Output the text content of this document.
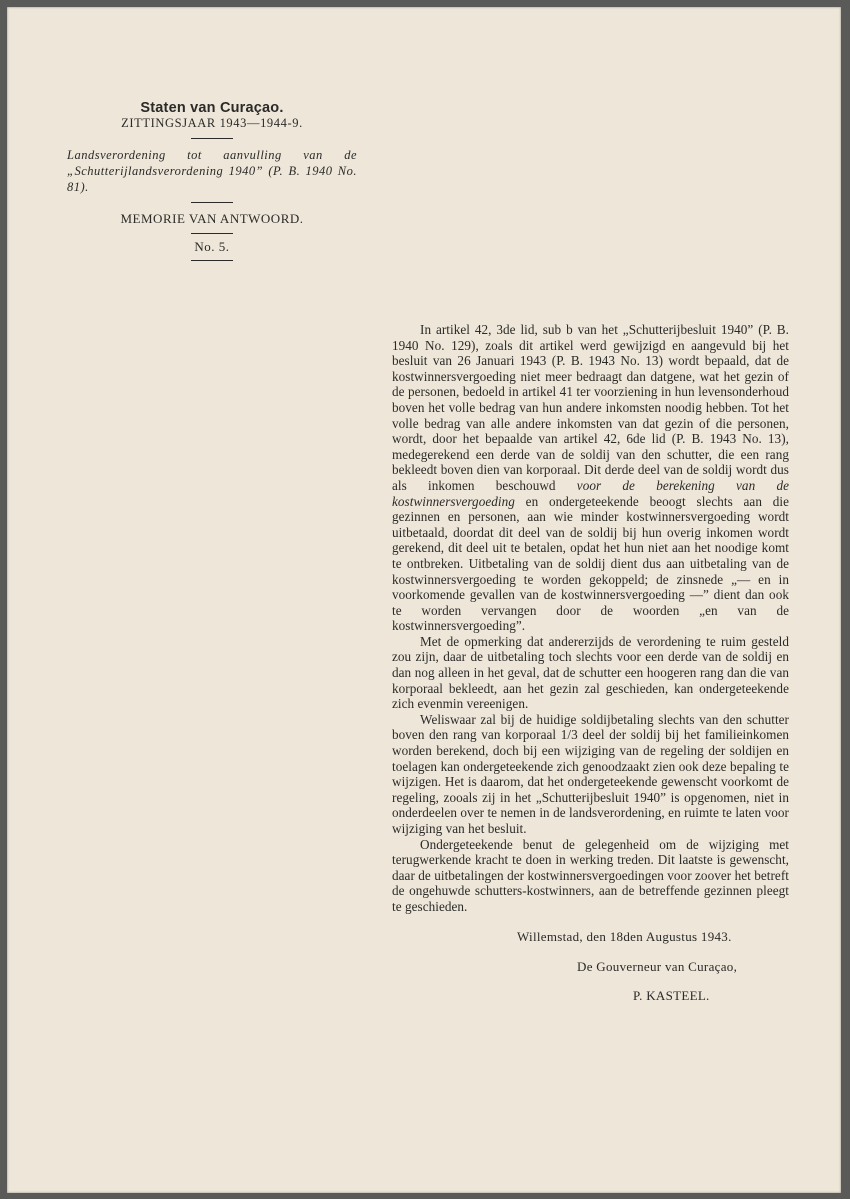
Staten van Curaçao.
ZITTINGSJAAR 1943—1944-9.
Landsverordening tot aanvulling van de „Schutterijlandsverordening 1940” (P. B. 1940 No. 81).
MEMORIE VAN ANTWOORD.
No. 5.

In artikel 42, 3de lid, sub b van het „Schutterijbesluit 1940” (P. B. 1940 No. 129), zoals dit artikel werd gewijzigd en aangevuld bij het besluit van 26 Januari 1943 (P. B. 1943 No. 13) wordt bepaald, dat de kostwinnersvergoeding niet meer bedraagt dan datgene, wat het gezin of de personen, bedoeld in artikel 41 ter voorziening in hun levensonderhoud boven het volle bedrag van hun andere inkomsten noodig hebben. Tot het volle bedrag van alle andere inkomsten van dat gezin of die personen, wordt, door het bepaalde van artikel 42, 6de lid (P. B. 1943 No. 13), medegerekend een derde van de soldij van den schutter, die een rang bekleedt boven dien van korporaal. Dit derde deel van de soldij wordt dus als inkomen beschouwd voor de berekening van de kostwinnersvergoeding en ondergeteekende beoogt slechts aan die gezinnen en personen, aan wie minder kostwinnersvergoeding wordt uitbetaald, doordat dit deel van de soldij bij hun overig inkomen wordt gerekend, dit deel uit te betalen, opdat het hun niet aan het noodige komt te ontbreken. Uitbetaling van de soldij dient dus aan uitbetaling van de kostwinnersvergoeding te worden gekoppeld; de zinsnede „— en in voorkomende gevallen van de kostwinnersvergoeding —” dient dan ook te worden vervangen door de woorden „en van de kostwinnersvergoeding”.

Met de opmerking dat andererzijds de verordening te ruim gesteld zou zijn, daar de uitbetaling toch slechts voor een derde van de soldij en dan nog alleen in het geval, dat de schutter een hoogeren rang dan die van korporaal bekleedt, aan het gezin zal geschieden, kan ondergeteekende zich evenmin vereenigen.

Weliswaar zal bij de huidige soldijbetaling slechts van den schutter boven den rang van korporaal 1/3 deel der soldij bij het familieinkomen worden berekend, doch bij een wijziging van de regeling der soldijen en toelagen kan ondergeteekende zich genoodzaakt zien ook deze bepaling te wijzigen. Het is daarom, dat het ondergeteekende gewenscht voorkomt de regeling, zooals zij in het „Schutterijbesluit 1940” is opgenomen, niet in onderdeelen over te nemen in de landsverordening, en ruimte te laten voor wijziging van het besluit.

Ondergeteekende benut de gelegenheid om de wijziging met terugwerkende kracht te doen in werking treden. Dit laatste is gewenscht, daar de uitbetalingen der kostwinnersvergoedingen voor zoover het betreft de ongehuwde schutters-kostwinners, aan de betreffende gezinnen pleegt te geschieden.

Willemstad, den 18den Augustus 1943.
De Gouverneur van Curaçao,
P. KASTEEL.
